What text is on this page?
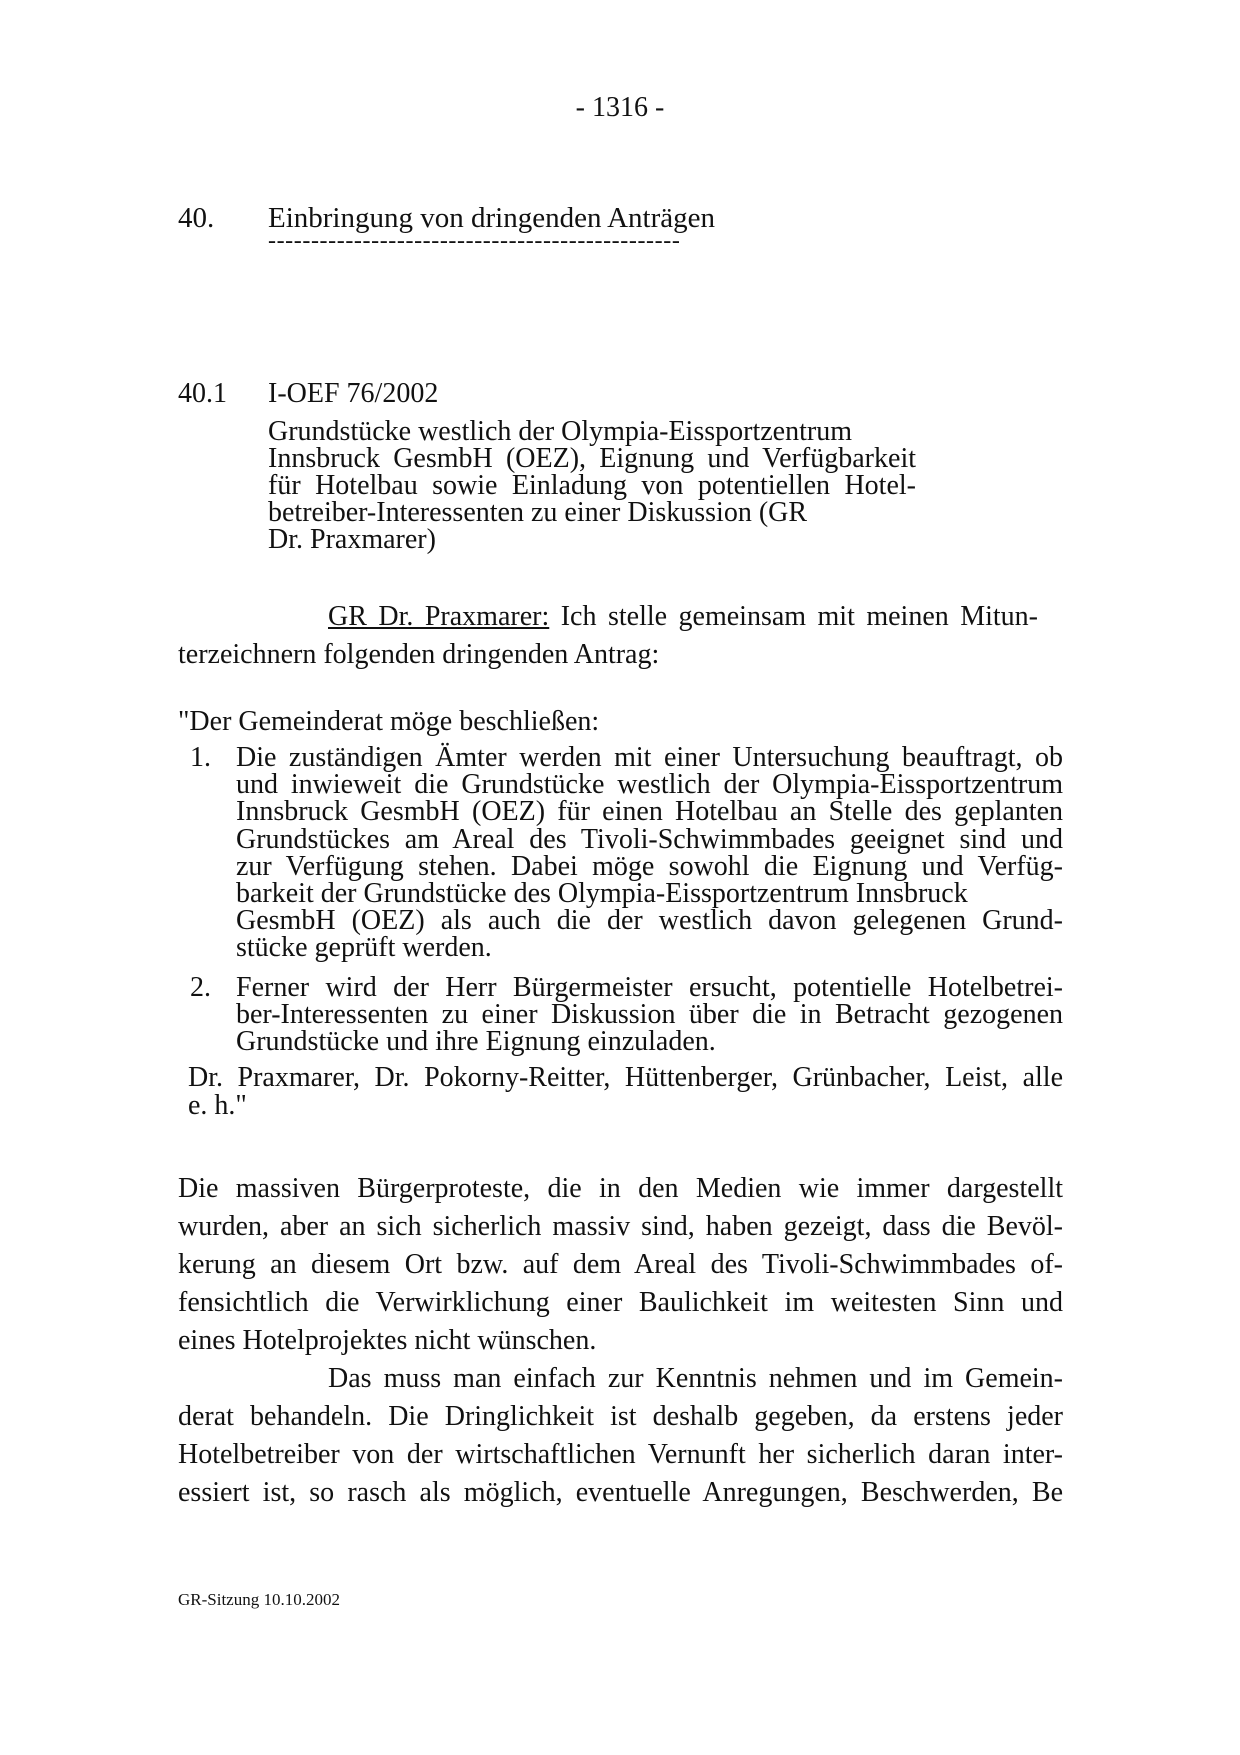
- 1316 -
40. Einbringung von dringenden Anträgen
------------------------------------------------
40.1 I-OEF 76/2002
Grundstücke westlich der Olympia-Eissportzentrum
Innsbruck GesmbH (OEZ), Eignung und Verfügbarkeit
für Hotelbau sowie Einladung von potentiellen Hotel-
betreiber-Interessenten zu einer Diskussion (GR
Dr. Praxmarer)
GR Dr. Praxmarer: Ich stelle gemeinsam mit meinen Mitun-
terzeichnern folgenden dringenden Antrag:
"Der Gemeinderat möge beschließen:
1. Die zuständigen Ämter werden mit einer Untersuchung beauftragt, ob
und inwieweit die Grundstücke westlich der Olympia-Eissportzentrum
Innsbruck GesmbH (OEZ) für einen Hotelbau an Stelle des geplanten
Grundstückes am Areal des Tivoli-Schwimmbades geeignet sind und
zur Verfügung stehen. Dabei möge sowohl die Eignung und Verfüg-
barkeit der Grundstücke des Olympia-Eissportzentrum Innsbruck
GesmbH (OEZ) als auch die der westlich davon gelegenen Grund-
stücke geprüft werden.
2. Ferner wird der Herr Bürgermeister ersucht, potentielle Hotelbetrei-
ber-Interessenten zu einer Diskussion über die in Betracht gezogenen
Grundstücke und ihre Eignung einzuladen.
Dr. Praxmarer, Dr. Pokorny-Reitter, Hüttenberger, Grünbacher, Leist, alle
e. h."
Die massiven Bürgerproteste, die in den Medien wie immer dargestellt
wurden, aber an sich sicherlich massiv sind, haben gezeigt, dass die Bevöl-
kerung an diesem Ort bzw. auf dem Areal des Tivoli-Schwimmbades of-
fensichtlich die Verwirklichung einer Baulichkeit im weitesten Sinn und
eines Hotelprojektes nicht wünschen.
Das muss man einfach zur Kenntnis nehmen und im Gemein-
derat behandeln. Die Dringlichkeit ist deshalb gegeben, da erstens jeder
Hotelbetreiber von der wirtschaftlichen Vernunft her sicherlich daran inter-
essiert ist, so rasch als möglich, eventuelle Anregungen, Beschwerden, Be
GR-Sitzung 10.10.2002
